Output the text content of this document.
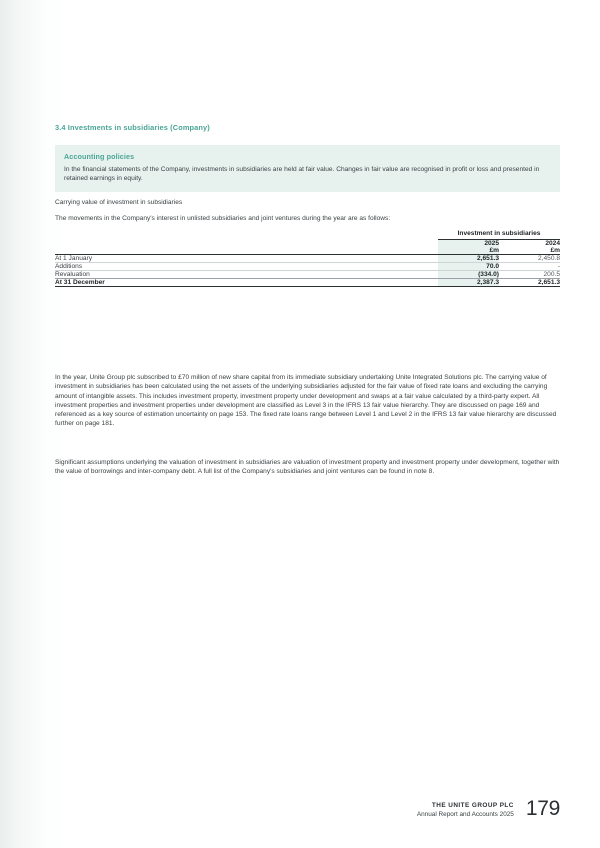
3.4 Investments in subsidiaries (Company)
Accounting policies
In the financial statements of the Company, investments in subsidiaries are held at fair value. Changes in fair value are recognised in profit or loss and presented in retained earnings in equity.
Carrying value of investment in subsidiaries
The movements in the Company's interest in unlisted subsidiaries and joint ventures during the year are as follows:
	Investment in subsidiaries	
	2025	2024
	£m	£m
At 1 January	2,651.3	2,450.8
Additions	70.0	-
Revaluation	(334.0)	200.5
At 31 December	2,387.3	2,651.3

In the year, Unite Group plc subscribed to £70 million of new share capital from its immediate subsidiary undertaking Unite Integrated Solutions plc. The carrying value of investment in subsidiaries has been calculated using the net assets of the underlying subsidiaries adjusted for the fair value of fixed rate loans and excluding the carrying amount of intangible assets. This includes investment property, investment property under development and swaps at a fair value calculated by a third-party expert. All investment properties and investment properties under development are classified as Level 3 in the IFRS 13 fair value hierarchy. They are discussed on page 169 and referenced as a key source of estimation uncertainty on page 153. The fixed rate loans range between Level 1 and Level 2 in the IFRS 13 fair value hierarchy are discussed further on page 181.
Significant assumptions underlying the valuation of investment in subsidiaries are valuation of investment property and investment property under development, together with the value of borrowings and inter-company debt. A full list of the Company's subsidiaries and joint ventures can be found in note 8.
THE UNITE GROUP PLC
Annual Report and Accounts 2025 179
